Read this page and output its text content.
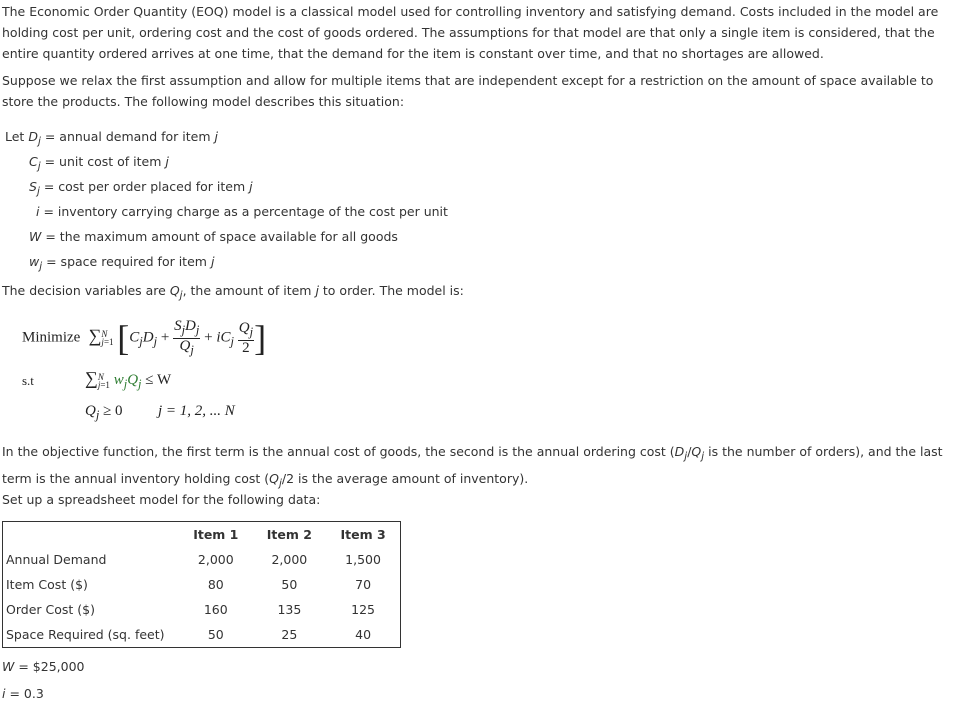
The Economic Order Quantity (EOQ) model is a classical model used for controlling inventory and satisfying demand. Costs included in the model are holding cost per unit, ordering cost and the cost of goods ordered. The assumptions for that model are that only a single item is considered, that the entire quantity ordered arrives at one time, that the demand for the item is constant over time, and that no shortages are allowed.

Suppose we relax the first assumption and allow for multiple items that are independent except for a restriction on the amount of space available to store the products. The following model describes this situation:

Let $D_j$ = annual demand for item j
$C_j$ = unit cost of item j
$S_j = \cos t$ per order placed for item j
i = inventory carrying charge as a percentage of the cost per unit
W = the maximum amount of space available for all goods
$w_j$ = space required for item j
The decision variables are $Q_j$, the amount of item j to order. The model is:
Minimize  ∑N
j=1 [$C_jD_j + \frac{S_jD_j}{Q_j} + iC_j \frac{Q_j}{2}$ ]
s.t	∑N
j=1 $w_jQ_j \le W$
$Q_j \ge 0$ j = 1, 2, ... N

In the objective function, the first term is the annual cost of goods, the second is the annual ordering cost ($D_j/Q_j$ is the number of orders), and the last term is the annual inventory holding cost ($Q_j/2$ is the average amount of inventory).

Set up a spreadsheet model for the following data:

	Item 1	Item 2	Item 3
Annual Demand	2,000	2,000	1,500
Item Cost ($)	80	50	70
Order Cost ($)	160	135	125
Space Required (sq. feet)	50	25	40
W = $25,000
i = 0.3
